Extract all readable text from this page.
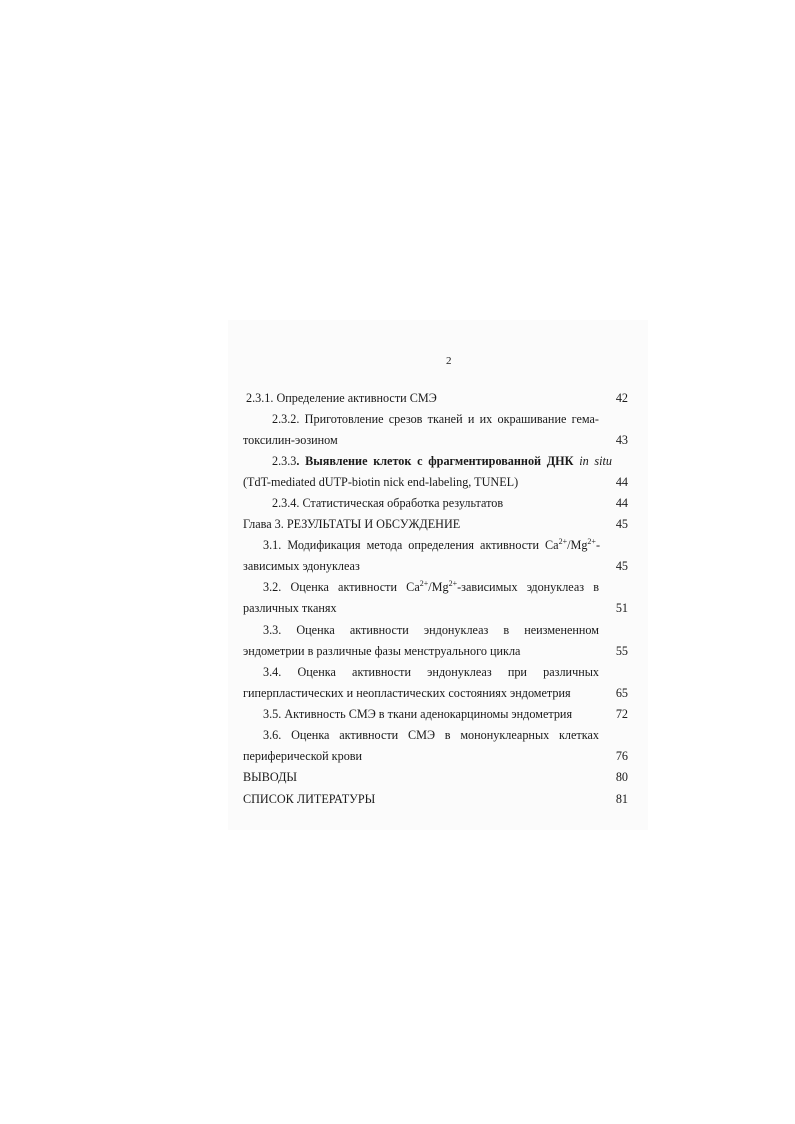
2
2.3.1. Определение активности СМЭ	42
2.3.2. Приготовление срезов тканей и их окрашивание гема-
токсилин-эозином	43
2.3.3. Выявление клеток с фрагментированной ДНК in situ
(TdT-mediated dUTP-biotin nick end-labeling, TUNEL)	44
2.3.4. Статистическая обработка результатов	44
Глава 3. РЕЗУЛЬТАТЫ И ОБСУЖДЕНИЕ	45
3.1. Модификация метода определения активности $Ca^{2+}/Mg^{2+}-$
зависимых эдонуклеаз	45
3.2. Оценка активности $Ca^{2+}/Mg^{2+}$-зависимых эдонуклеаз в
различных тканях	51
3.3. Оценка активности эндонуклеаз в неизмененном
эндометрии в различные фазы менструального цикла	55
3.4. Оценка активности эндонуклеаз при различных
гиперпластических и неопластических состояниях эндометрия	65
3.5. Активность СМЭ в ткани аденокарциномы эндометрия	72
3.6. Оценка активности СМЭ в мононуклеарных клетках
периферической крови	76
ВЫВОДЫ	80
СПИСОК ЛИТЕРАТУРЫ	81
